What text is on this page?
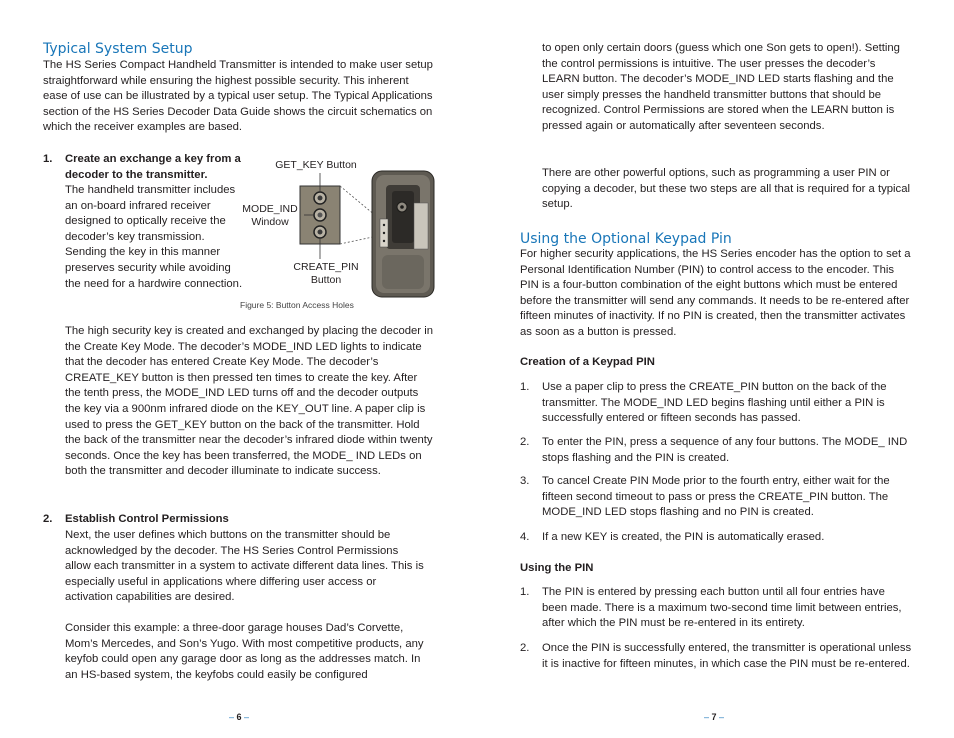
Typical System Setup

The HS Series Compact Handheld Transmitter is intended to make user setup straightforward while ensuring the highest possible security. This inherent ease of use can be illustrated by a typical user setup. The Typical Applications section of the HS Series Decoder Data Guide shows the circuit schematics on which the receiver examples are based.

1. Create an exchange a key from a decoder to the transmitter.

The handheld transmitter includes an on-board infrared receiver designed to optically receive the decoder’s key transmission. Sending the key in this manner preserves security while avoiding the need for a hardwire connection.

The high security key is created and exchanged by placing the decoder in the Create Key Mode. The decoder’s MODE_IND LED lights to indicate that the decoder has entered Create Key Mode. The decoder’s CREATE_KEY button is then pressed ten times to create the key. After the tenth press, the MODE_IND LED turns off and the decoder outputs the key via a 900nm infrared diode on the KEY_OUT line. A paper clip is used to press the GET_KEY button on the back of the transmitter. Hold the back of the transmitter near the decoder’s infrared diode within twenty seconds. Once the key has been transferred, the MODE_ IND LEDs on both the transmitter and decoder illuminate to indicate success.

2. Establish Control Permissions

Next, the user defines which buttons on the transmitter should be acknowledged by the decoder. The HS Series Control Permissions allow each transmitter in a system to activate different data lines. This is especially useful in applications where differing user access or activation capabilities are desired.

Consider this example: a three-door garage houses Dad’s Corvette, Mom’s Mercedes, and Son’s Yugo. With most competitive products, any keyfob could open any garage door as long as the addresses match. In an HS-based system, the keyfobs could easily be configured

GET_KEY Button
MODE_IND Window
CREATE_PIN Button
Figure 5: Button Access Holes
– 6 –

to open only certain doors (guess which one Son gets to open!). Setting the control permissions is intuitive. The user presses the decoder’s LEARN button. The decoder’s MODE_IND LED starts flashing and the user simply presses the handheld transmitter buttons that should be recognized. Control Permissions are stored when the LEARN button is pressed again or automatically after seventeen seconds.

There are other powerful options, such as programming a user PIN or copying a decoder, but these two steps are all that is required for a typical setup.

Using the Optional Keypad Pin

For higher security applications, the HS Series encoder has the option to set a Personal Identification Number (PIN) to control access to the encoder. This PIN is a four-button combination of the eight buttons which must be entered before the transmitter will send any commands. It needs to be re-entered after fifteen minutes of inactivity. If no PIN is created, then the transmitter activates as soon as a button is pressed.

Creation of a Keypad PIN

1. Use a paper clip to press the CREATE_PIN button on the back of the transmitter. The MODE_IND LED begins flashing until either a PIN is successfully entered or fifteen seconds has passed.

2. To enter the PIN, press a sequence of any four buttons. The MODE_ IND stops flashing and the PIN is created.

3. To cancel Create PIN Mode prior to the fourth entry, either wait for the fifteen second timeout to pass or press the CREATE_PIN button. The MODE_IND LED stops flashing and no PIN is created.

4. If a new KEY is created, the PIN is automatically erased.

Using the PIN

1. The PIN is entered by pressing each button until all four entries have been made. There is a maximum two-second time limit between entries, after which the PIN must be re-entered in its entirety.

2. Once the PIN is successfully entered, the transmitter is operational unless it is inactive for fifteen minutes, in which case the PIN must be re-entered.

– 7 –
